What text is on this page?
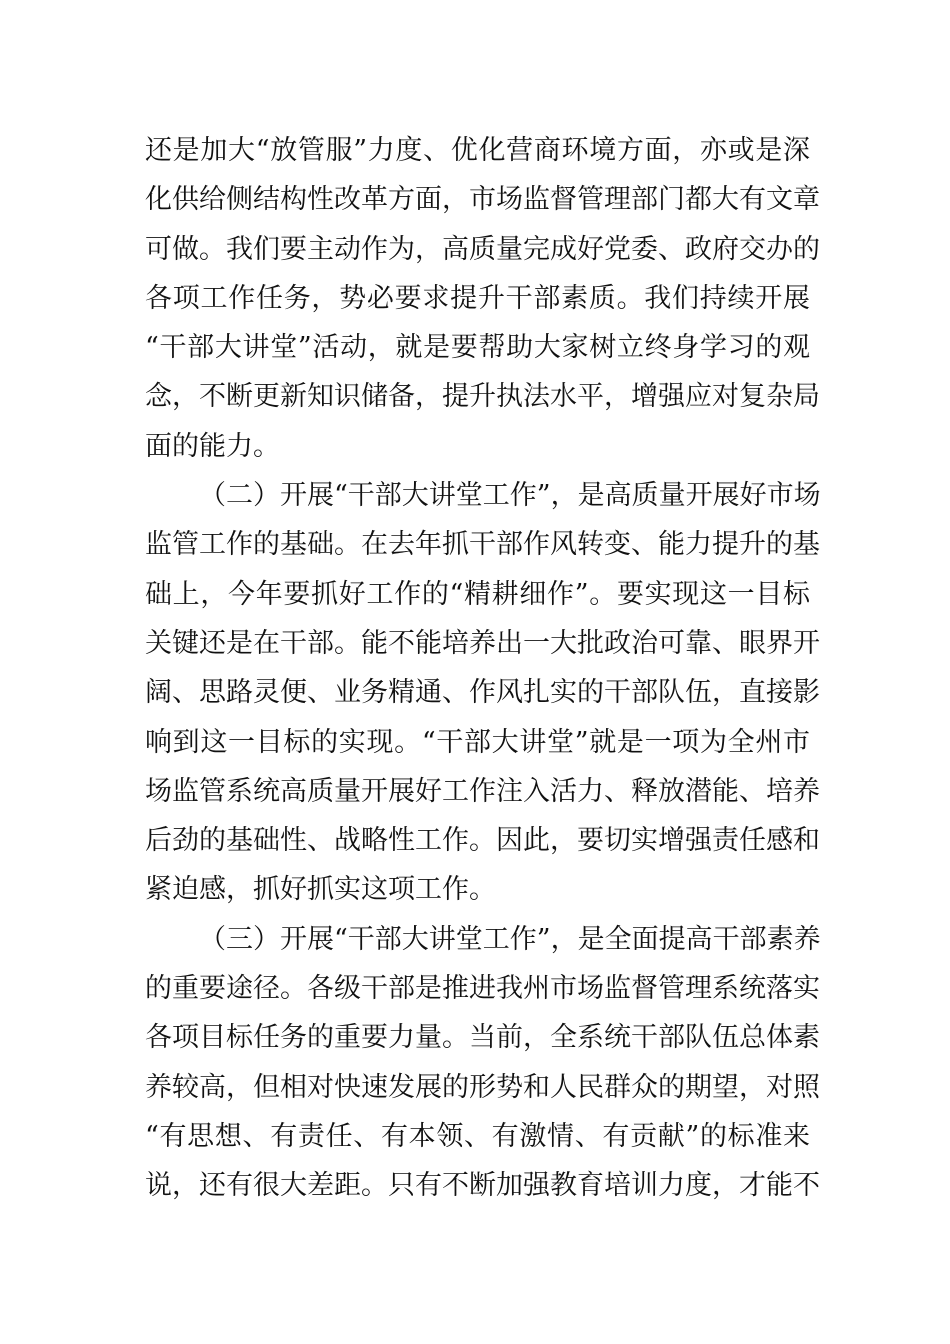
还是加大“放管服”力度、优化营商环境方面，亦或是深
化供给侧结构性改革方面，市场监督管理部门都大有文章
可做。我们要主动作为，高质量完成好党委、政府交办的
各项工作任务，势必要求提升干部素质。我们持续开展
“干部大讲堂”活动，就是要帮助大家树立终身学习的观
念，不断更新知识储备，提升执法水平，增强应对复杂局
面的能力。
（二）开展“干部大讲堂工作”，是高质量开展好市场
监管工作的基础。在去年抓干部作风转变、能力提升的基
础上，今年要抓好工作的“精耕细作”。要实现这一目标
关键还是在干部。能不能培养出一大批政治可靠、眼界开
阔、思路灵便、业务精通、作风扎实的干部队伍，直接影
响到这一目标的实现。“干部大讲堂”就是一项为全州市
场监管系统高质量开展好工作注入活力、释放潜能、培养
后劲的基础性、战略性工作。因此，要切实增强责任感和
紧迫感，抓好抓实这项工作。
（三）开展“干部大讲堂工作”，是全面提高干部素养
的重要途径。各级干部是推进我州市场监督管理系统落实
各项目标任务的重要力量。当前，全系统干部队伍总体素
养较高，但相对快速发展的形势和人民群众的期望，对照
“有思想、有责任、有本领、有激情、有贡献”的标准来
说，还有很大差距。只有不断加强教育培训力度，才能不
